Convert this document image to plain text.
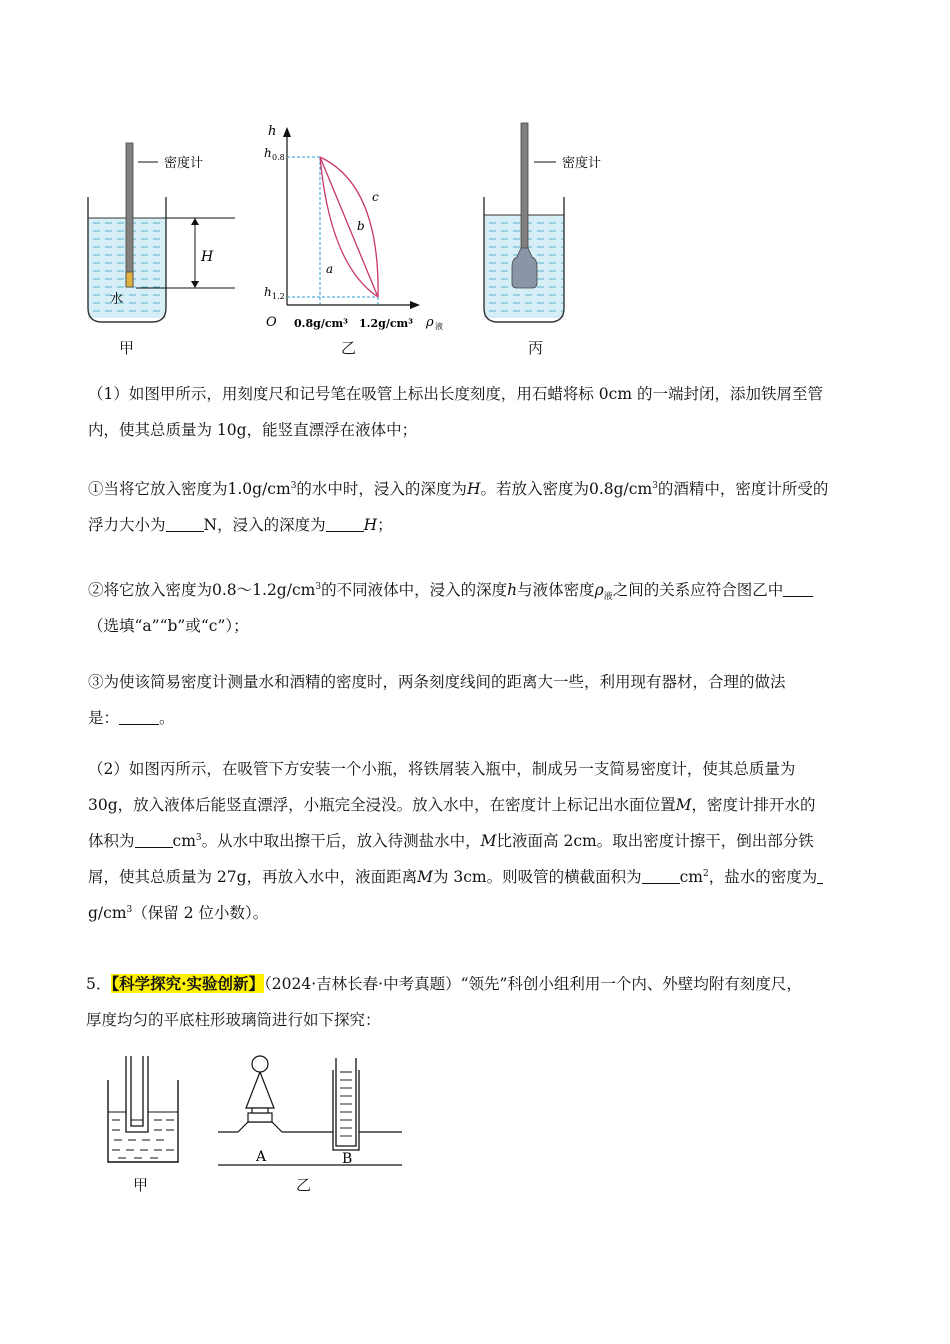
密度计
H
水
h
h 0.8
h 1.2
O 0.8g/cm³ 1.2g/cm³ ρ 液
a
b
c
密度计
甲	乙	丙
（1）如图甲所示，用刻度尺和记号笔在吸管上标出长度刻度，用石蜡将标 0cm 的一端封闭，添加铁屑至管
内，使其总质量为 10g，能竖直漂浮在液体中；
①当将它放入密度为$1.0g/cm^3$的水中时，浸入的深度为H。若放入密度为$0.8g/cm^3$的酒精中，密度计所受的
浮力大小为 N，浸入的深度为 H；
②将它放入密度为$0.8\sim 1.2g/cm^3$的不同液体中，浸入的深度h与液体密度$\rho_液$之间的关系应符合图乙中
（选填“a”“b”或“c”）；
③为使该简易密度计测量水和酒精的密度时，两条刻度线间的距离大一些，利用现有器材，合理的做法
是：	。
（2）如图丙所示，在吸管下方安装一个小瓶，将铁屑装入瓶中，制成另一支简易密度计，使其总质量为
30g，放入液体后能竖直漂浮，小瓶完全浸没。放入水中，在密度计上标记出水面位置M，密度计排开水的
体积为 $cm^3$。从水中取出擦干后，放入待测盐水中，M比液面高 2cm。取出密度计擦干，倒出部分铁
屑，使其总质量为 27g，再放入水中，液面距离M为 3cm。则吸管的横截面积为 $cm^2$，盐水的密度为
$g/cm^3$（保留 2 位小数）。
5．【科学探究·实验创新】（2024·吉林长春·中考真题）“领先”科创小组利用一个内、外壁均附有刻度尺，
厚度均匀的平底柱形玻璃筒进行如下探究：
A	B
甲	乙
